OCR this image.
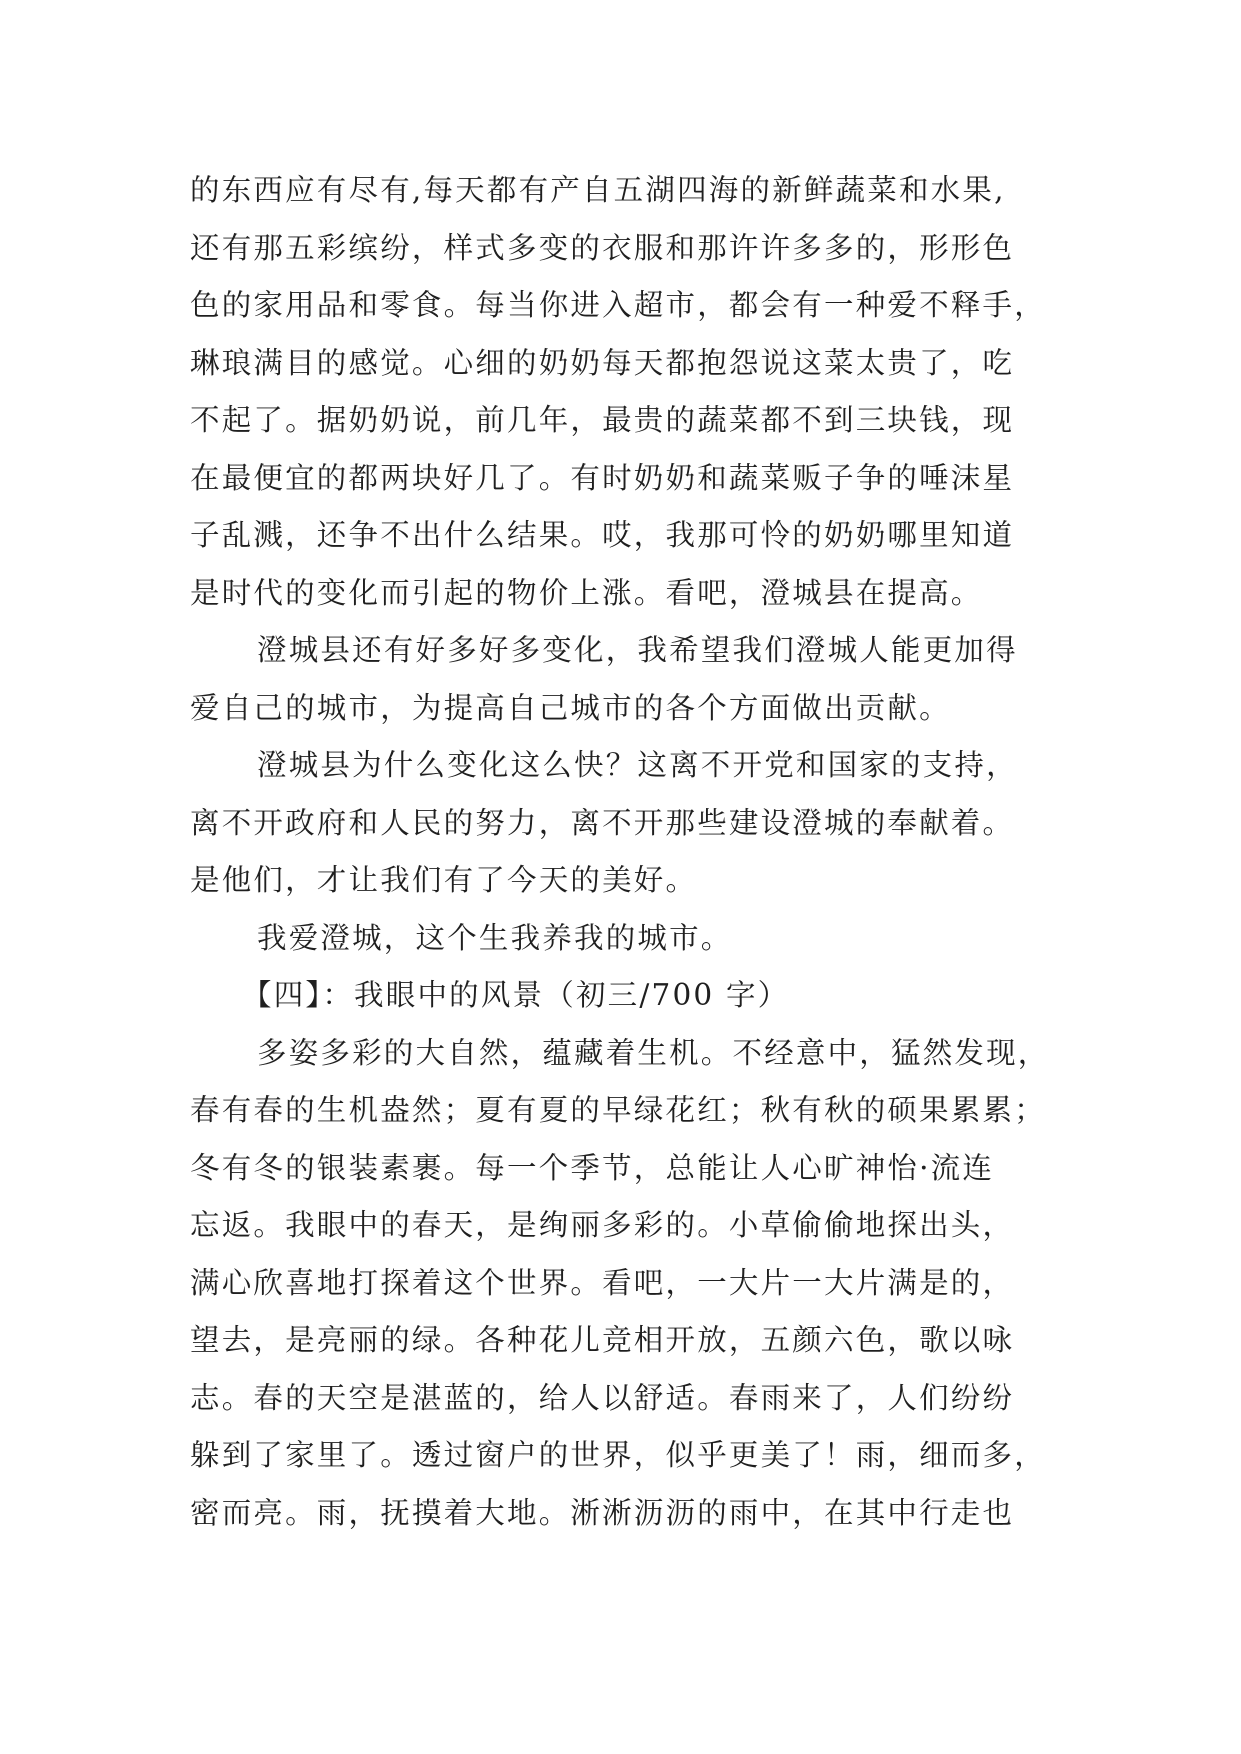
的东西应有尽有,每天都有产自五湖四海的新鲜蔬菜和水果,
还有那五彩缤纷，样式多变的衣服和那许许多多的，形形色
色的家用品和零食。每当你进入超市，都会有一种爱不释手，
琳琅满目的感觉。心细的奶奶每天都抱怨说这菜太贵了，吃
不起了。据奶奶说，前几年，最贵的蔬菜都不到三块钱，现
在最便宜的都两块好几了。有时奶奶和蔬菜贩子争的唾沫星
子乱溅，还争不出什么结果。哎，我那可怜的奶奶哪里知道
是时代的变化而引起的物价上涨。看吧，澄城县在提高。
澄城县还有好多好多变化，我希望我们澄城人能更加得
爱自己的城市，为提高自己城市的各个方面做出贡献。
澄城县为什么变化这么快？这离不开党和国家的支持，
离不开政府和人民的努力，离不开那些建设澄城的奉献着。
是他们，才让我们有了今天的美好。
我爱澄城，这个生我养我的城市。
【四】：我眼中的风景（初三/700 字）
多姿多彩的大自然，蕴藏着生机。不经意中，猛然发现，
春有春的生机盎然；夏有夏的早绿花红；秋有秋的硕果累累；
冬有冬的银装素裹。每一个季节，总能让人心旷神怡·流连
忘返。我眼中的春天，是绚丽多彩的。小草偷偷地探出头，
满心欣喜地打探着这个世界。看吧，一大片一大片满是的，
望去，是亮丽的绿。各种花儿竞相开放，五颜六色，歌以咏
志。春的天空是湛蓝的，给人以舒适。春雨来了，人们纷纷
躲到了家里了。透过窗户的世界，似乎更美了！雨，细而多，
密而亮。雨，抚摸着大地。淅淅沥沥的雨中，在其中行走也
